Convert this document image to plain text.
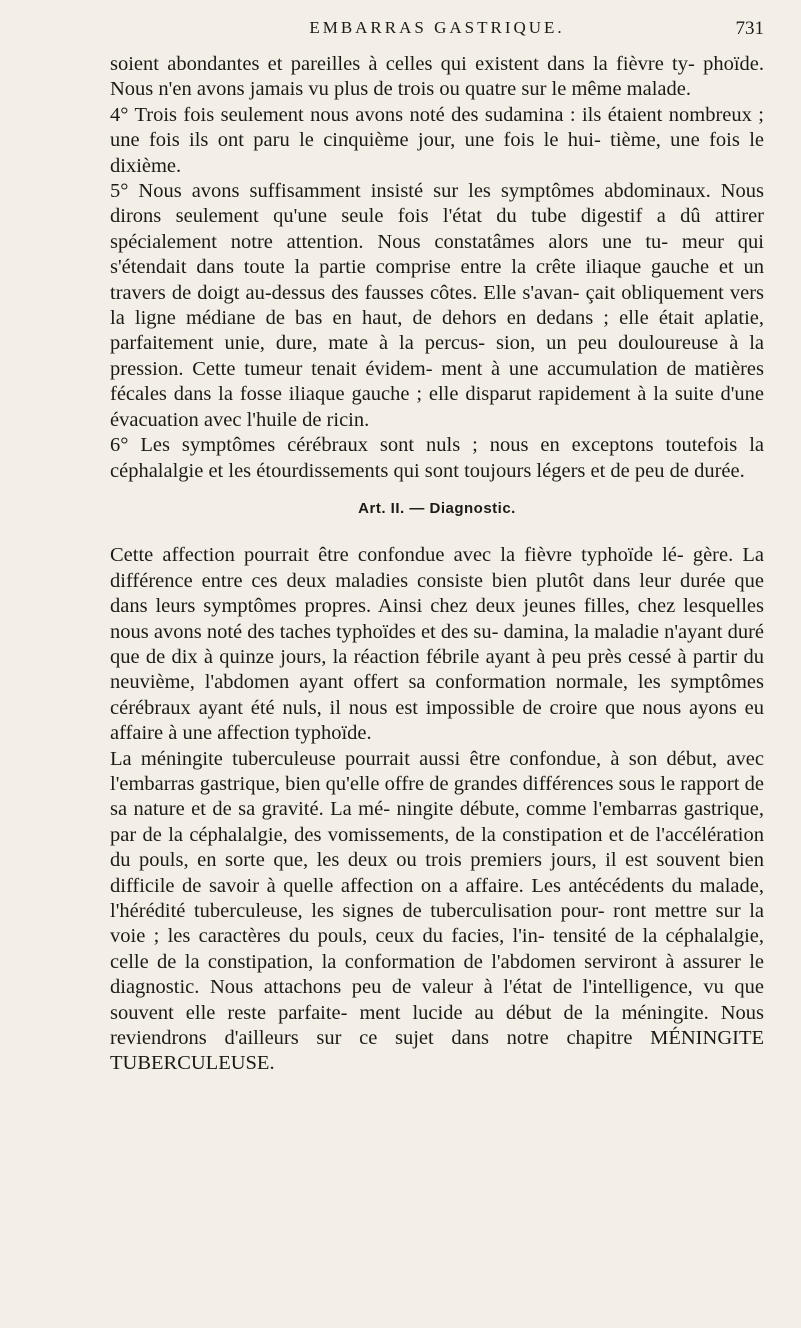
EMBARRAS GASTRIQUE.	731

soient abondantes et pareilles à celles qui existent dans la fièvre ty- phoïde. Nous n'en avons jamais vu plus de trois ou quatre sur le même malade.

4° Trois fois seulement nous avons noté des sudamina : ils étaient nombreux ; une fois ils ont paru le cinquième jour, une fois le hui- tième, une fois le dixième.

5° Nous avons suffisamment insisté sur les symptômes abdominaux. Nous dirons seulement qu'une seule fois l'état du tube digestif a dû attirer spécialement notre attention. Nous constatâmes alors une tu- meur qui s'étendait dans toute la partie comprise entre la crête iliaque gauche et un travers de doigt au-dessus des fausses côtes. Elle s'avan- çait obliquement vers la ligne médiane de bas en haut, de dehors en dedans ; elle était aplatie, parfaitement unie, dure, mate à la percus- sion, un peu douloureuse à la pression. Cette tumeur tenait évidem- ment à une accumulation de matières fécales dans la fosse iliaque gauche ; elle disparut rapidement à la suite d'une évacuation avec l'huile de ricin.

6° Les symptômes cérébraux sont nuls ; nous en exceptons toutefois la céphalalgie et les étourdissements qui sont toujours légers et de peu de durée.

Art. II. — Diagnostic.

Cette affection pourrait être confondue avec la fièvre typhoïde lé- gère. La différence entre ces deux maladies consiste bien plutôt dans leur durée que dans leurs symptômes propres. Ainsi chez deux jeunes filles, chez lesquelles nous avons noté des taches typhoïdes et des su- damina, la maladie n'ayant duré que de dix à quinze jours, la réaction fébrile ayant à peu près cessé à partir du neuvième, l'abdomen ayant offert sa conformation normale, les symptômes cérébraux ayant été nuls, il nous est impossible de croire que nous ayons eu affaire à une affection typhoïde.

La méningite tuberculeuse pourrait aussi être confondue, à son début, avec l'embarras gastrique, bien qu'elle offre de grandes différences sous le rapport de sa nature et de sa gravité. La mé- ningite débute, comme l'embarras gastrique, par de la céphalalgie, des vomissements, de la constipation et de l'accélération du pouls, en sorte que, les deux ou trois premiers jours, il est souvent bien difficile de savoir à quelle affection on a affaire. Les antécédents du malade, l'hérédité tuberculeuse, les signes de tuberculisation pour- ront mettre sur la voie ; les caractères du pouls, ceux du facies, l'in- tensité de la céphalalgie, celle de la constipation, la conformation de l'abdomen serviront à assurer le diagnostic. Nous attachons peu de valeur à l'état de l'intelligence, vu que souvent elle reste parfaite- ment lucide au début de la méningite. Nous reviendrons d'ailleurs sur ce sujet dans notre chapitre MÉNINGITE TUBERCULEUSE.
